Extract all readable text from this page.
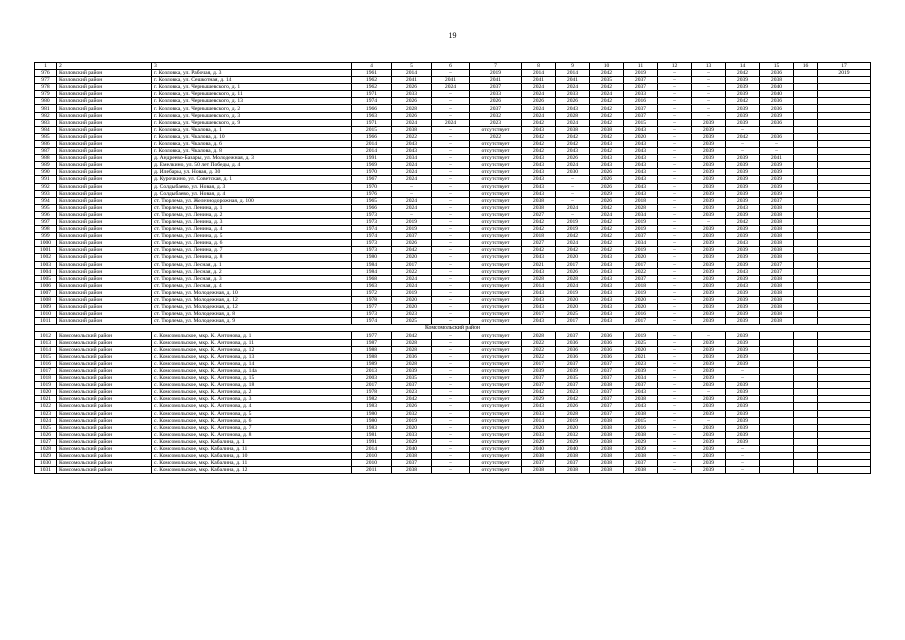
19
1	2	3	4	5	6	7	8	9	10	11	12	13	14	15	16	17
976	Козловский район	г. Козловка, ул. Рабочая, д. 3	1961	2014	–	2019	2014	2014	2042	2019	–	–	2042	2036		2019
977	Козловский район	г. Козловка, ул. Сешкотная, д. 14	1962	2041	2041	2041	2041	2041	2035	2037	–	–	2039	2038		
978	Козловский район	г. Козловка, ул. Чернышевского, д. 1	1962	2026	2024	2037	2024	2024	2042	2037	–	–	2039	2040		
979	Козловский район	г. Козловка, ул. Чернышевского, д. 11	1971	2033	–	2033	2024	2033	2024	2033	–	–	2039	2040		
980	Козловский район	г. Козловка, ул. Чернышевского, д. 13	1974	2026	–	2026	2026	2026	2042	2016	–	–	2042	2036		
981	Козловский район	г. Козловка, ул. Чернышевского, д. 2	1966	2028	–	2037	2024	2043	2042	2037	–	–	2039	2036		
982	Козловский район	г. Козловка, ул. Чернышевского, д. 3	1963	2026	–	2032	2024	2028	2042	2037	–	–	2039	2039		
983	Козловский район	г. Козловка, ул. Чернышевского, д. 9	1971	2024	2024	2023	2042	2024	2042	2015	–	2039	2039	2036		
984	Козловский район	г. Козловка, ул. Чкалова, д. 1	2015	2038	–	отсутствует	2043	2038	2038	2043	–	2039	–			
985	Козловский район	г. Козловка, ул. Чкалова, д. 10	1966	2022	–	2022	2042	2042	2042	2020	–	2039	2042	2036		
986	Козловский район	г. Козловка, ул. Чкалова, д. 6	2014	2043	–	отсутствует	2042	2042	2043	2043	–	2039	–	–		
987	Козловский район	г. Козловка, ул. Чкалова, д. 8	2014	2043	–	отсутствует	2042	2043	2042	2043	–	2039	–	–		
988	Козловский район	д. Андреево-Базары, ул. Молодежная, д. 3	1991	2034	–	отсутствует	2043	2026	2043	2043	–	2039	2039	2041		
989	Козловский район	д. Емелкино, ул. 50 лет Победы, д. 4	1969	2024	–	отсутствует	2043	2024	2043	2043	–	2039	2039	2039		
990	Козловский район	д. Илебары, ул. Новая, д. 30	1970	2024	–	отсутствует	2043	2030	2026	2043	–	2039	2039	2039		
991	Козловский район	д. Курочкино, ул. Советская, д. 1	1967	2024	–	отсутствует	2043	–	2026	2043	–	2039	2039	2039		
992	Козловский район	д. Солдыбаево, ул. Новая, д. 3	1970	–	–	отсутствует	2043	–	2026	2043	–	2039	2039	2039		
993	Козловский район	д. Солдыбаево, ул. Новая, д. 4	1976	–	–	отсутствует	2043	–	2029	2043	–	2039	2039	2039		
994	Козловский район	ст. Тюрлема, ул. Железнодорожная, д. 100	1965	2024	–	отсутствует	2038	–	2026	2018	–	2039	2039	2037		
995	Козловский район	ст. Тюрлема, ул. Ленина, д. 1	1966	2024	–	отсутствует	2038	2024	2042	2028	–	2039	2043	2038		
996	Козловский район	ст. Тюрлема, ул. Ленина, д. 2	1973	–	–	отсутствует	2027	–	2024	2034	–	2039	2039	2038		
997	Козловский район	ст. Тюрлема, ул. Ленина, д. 3	1973	2019	–	отсутствует	2042	2019	2042	2019	–	–	2042	2038		
998	Козловский район	ст. Тюрлема, ул. Ленина, д. 4	1974	2019	–	отсутствует	2042	2019	2042	2019	–	2039	2039	2038		
999	Козловский район	ст. Тюрлема, ул. Ленина, д. 5	1974	2037	–	отсутствует	2018	2042	2042	2037	–	2039	2039	2038		
1000	Козловский район	ст. Тюрлема, ул. Ленина, д. 6	1973	2026	–	отсутствует	2027	2024	2042	2034	–	2039	2043	2038		
1001	Козловский район	ст. Тюрлема, ул. Ленина, д. 7	1973	2042	–	отсутствует	2042	2042	2042	2019	–	2039	2039	2038		
1002	Козловский район	ст. Тюрлема, ул. Ленина, д. 8	1980	2020	–	отсутствует	2043	2020	2043	2020	–	2039	2039	2038		
1003	Козловский район	ст. Тюрлема, ул. Лесная, д. 1	1984	2017	–	отсутствует	2021	2017	2043	2017	–	2039	2039	2037		
1004	Козловский район	ст. Тюрлема, ул. Лесная, д. 2	1984	2022	–	отсутствует	2043	2026	2043	2022	–	2039	2043	2037		
1005	Козловский район	ст. Тюрлема, ул. Лесная, д. 3	1968	2024	–	отсутствует	2028	2028	2043	2037	–	2039	2039	2038		
1006	Козловский район	ст. Тюрлема, ул. Лесная, д. 4	1963	2024	–	отсутствует	2014	2024	2043	2018	–	2039	2043	2038		
1007	Козловский район	ст. Тюрлема, ул. Молодежная, д. 10	1972	2019	–	отсутствует	2043	2019	2043	2019	–	2039	2039	2038		
1008	Козловский район	ст. Тюрлема, ул. Молодежная, д. 12	1978	2020	–	отсутствует	2043	2020	2043	2020	–	2039	2039	2038		
1009	Козловский район	ст. Тюрлема, ул. Молодежная, д. 12	1977	2020	–	отсутствует	2043	2020	2043	2020	–	2039	2039	2038		
1010	Козловский район	ст. Тюрлема, ул. Молодежная, д. 8	1973	2023	–	отсутствует	2017	2025	2043	2016	–	2039	2039	2038		
1011	Козловский район	ст. Тюрлема, ул. Молодежная, д. 9	1974	2025	–	отсутствует	2043	2017	2043	2017	–	2039	2039	2038		
Комсомольский район																
1012	Комсомольский район	с. Комсомольское, мкр. К. Антонова, д. 1	1977	2042	–	отсутствует	2028	2037	2036	2019	–	–	2039			
1013	Комсомольский район	с. Комсомольское, мкр. К. Антонова, д. 11	1987	2028	–	отсутствует	2022	2036	2036	2025	–	2039	2039			
1014	Комсомольский район	с. Комсомольское, мкр. К. Антонова, д. 12	1988	2028	–	отсутствует	2022	2036	2036	2020	–	2039	2039			
1015	Комсомольский район	с. Комсомольское, мкр. К. Антонова, д. 13	1988	2036	–	отсутствует	2022	2036	2036	2021	–	2039	2039			
1016	Комсомольский район	с. Комсомольское, мкр. К. Антонова, д. 14	1989	2028	–	отсутствует	2017	2037	2037	2023	–	2039	2039			
1017	Комсомольский район	с. Комсомольское, мкр. К. Антонова, д. 14а	2013	2039	–	отсутствует	2039	2039	2037	2039	–	2039	–			
1018	Комсомольский район	с. Комсомольское, мкр. К. Антонова, д. 15	2003	2035	–	отсутствует	2037	2035	2037	2034	–	2039	–			
1019	Комсомольский район	с. Комсомольское, мкр. К. Антонова, д. 18	2017	2037	–	отсутствует	2037	2037	2038	2037	–	2039	2039			
1020	Комсомольский район	с. Комсомольское, мкр. К. Антонова, д. 2	1978	2023	–	отсутствует	2042	2023	2037	2043	–	–	2039			
1021	Комсомольский район	с. Комсомольское, мкр. К. Антонова, д. 3	1982	2042	–	отсутствует	2029	2042	2037	2038	–	2039	2039			
1022	Комсомольский район	с. Комсомольское, мкр. К. Антонова, д. 4	1983	2026	–	отсутствует	2043	2026	2037	2043	–	2039	2039			
1023	Комсомольский район	с. Комсомольское, мкр. К. Антонова, д. 5	1980	2032	–	отсутствует	2033	2028	2037	2038	–	2039	2039			
1024	Комсомольский район	с. Комсомольское, мкр. К. Антонова, д. 6	1980	2019	–	отсутствует	2014	2019	2038	2015	–	–	2039			
1025	Комсомольский район	с. Комсомольское, мкр. К. Антонова, д. 7	1983	2020	–	отсутствует	2020	2020	2038	2016	–	2039	2039			
1026	Комсомольский район	с. Комсомольское, мкр. К. Антонова, д. 8	1981	2033	–	отсутствует	2033	2032	2038	2038	–	2039	2039			
1027	Комсомольский район	с. Комсомольское, мкр. Кабалина, д. 1	1991	2029	–	отсутствует	2029	2029	2038	2029	–	2039	2039			
1028	Комсомольский район	с. Комсомольское, мкр. Кабалина, д. 11	2014	2040	–	отсутствует	2040	2040	2038	2039	–	2039	–			
1029	Комсомольский район	с. Комсомольское, мкр. Кабалина, д. 10	2010	2038	–	отсутствует	2038	2038	2038	2038	–	2039	–			
1030	Комсомольский район	с. Комсомольское, мкр. Кабалина, д. 11	2010	2037	–	отсутствует	2037	2037	2038	2037	–	2039	–			
1031	Комсомольский район	с. Комсомольское, мкр. Кабалина, д. 12	2011	2038	–	отсутствует	2038	2038	2038	2038	–	2039	–			
